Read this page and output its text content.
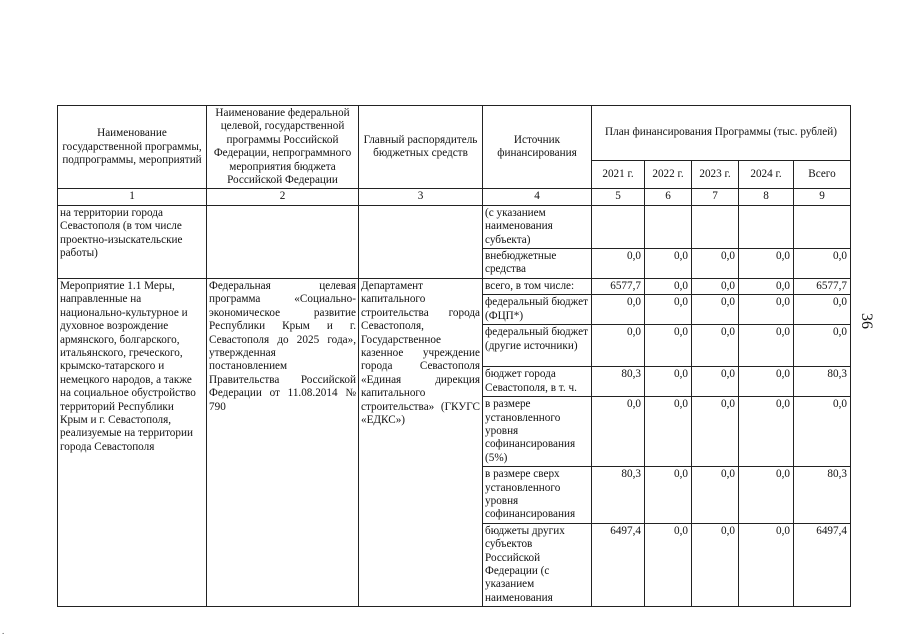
Наименование государственной программы, подпрограммы, мероприятий	Наименование федеральной целевой, государственной программы Российской Федерации, непрограммного мероприятия бюджета Российской Федерации	Главный распорядитель бюджетных средств	Источник финансирования	План финансирования Программы (тыс. рублей)				
				2021 г.	2022 г.	2023 г.	2024 г.	Всего
1	2	3	4	5	6	7	8	9
на территории города Севастополя (в том числе проектно-изыскательские работы)			(с указанием наименования субъекта)					
			внебюджетные средства	0,0	0,0	0,0	0,0	0,0
Мероприятие 1.1 Меры, направленные на национально-культурное и духовное возрождение армянского, болгарского, итальянского, греческого, крымско-татарского и немецкого народов, а также на социальное обустройство территорий Республики Крым и г. Севастополя, реализуемые на территории города Севастополя	Федеральная целевая программа «Социально-экономическое развитие Республики Крым и г. Севастополя до 2025 года», утвержденная постановлением Правительства Российской Федерации от 11.08.2014 № 790	Департамент капитального строительства города Севастополя, Государственное казенное учреждение города Севастополя «Единая дирекция капитального строительства» (ГКУГС «ЕДКС»)	всего, в том числе:	6577,7	0,0	0,0	0,0	6577,7
			федеральный бюджет (ФЦП*)	0,0	0,0	0,0	0,0	0,0
			федеральный бюджет (другие источники)	0,0	0,0	0,0	0,0	0,0
			бюджет города Севастополя, в т. ч.	80,3	0,0	0,0	0,0	80,3
			в размере установленного уровня софинансирования (5%)	0,0	0,0	0,0	0,0	0,0
			в размере сверх установленного уровня софинансирования	80,3	0,0	0,0	0,0	80,3
			бюджеты других субъектов Российской Федерации (с указанием наименования	6497,4	0,0	0,0	0,0	6497,4
36
.
